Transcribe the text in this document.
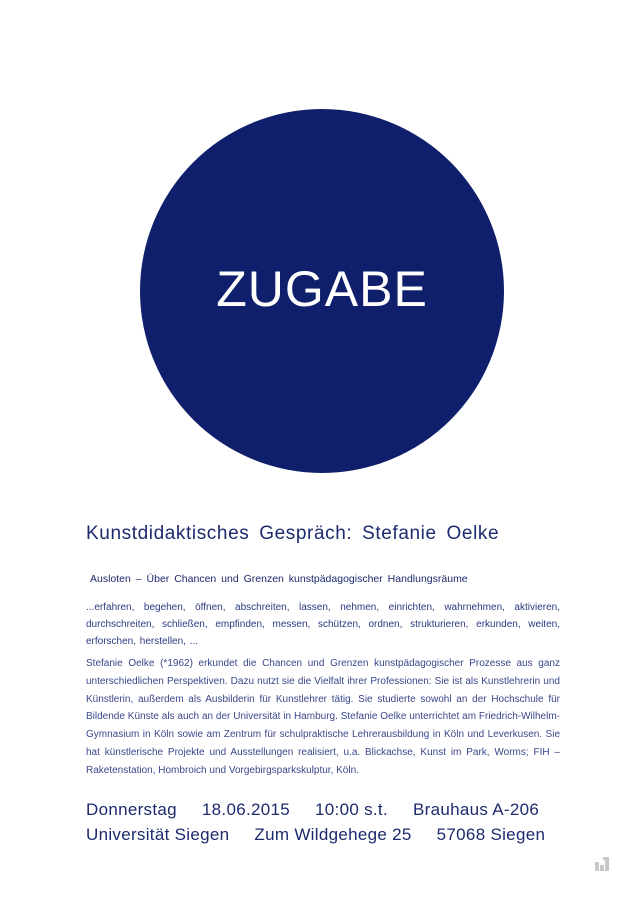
ZUGABE
Kunstdidaktisches Gespräch: Stefanie Oelke
Ausloten – Über Chancen und Grenzen kunstpädagogischer Handlungsräume
...erfahren, begehen, öffnen, abschreiten, lassen, nehmen, einrichten, wahrnehmen, aktivieren, durchschreiten, schließen, empfinden, messen, schützen, ordnen, strukturieren, erkunden, weiten, erforschen, herstellen, ...
Stefanie Oelke (*1962) erkundet die Chancen und Grenzen kunstpädagogischer Prozesse aus ganz unterschiedlichen Perspektiven. Dazu nutzt sie die Vielfalt ihrer Professionen: Sie ist als Kunstlehrerin und Künstlerin, außerdem als Ausbilderin für Kunstlehrer tätig. Sie studierte sowohl an der Hochschule für Bildende Künste als auch an der Universität in Hamburg. Stefanie Oelke unterrichtet am Friedrich-Wilhelm-Gymnasium in Köln sowie am Zentrum für schulpraktische Lehrerausbildung in Köln und Leverkusen. Sie hat künstlerische Projekte und Ausstellungen realisiert, u.a. Blickachse, Kunst im Park, Worms; FIH – Raketenstation, Hombroich und Vorgebirgsparkskulptur, Köln.
Donnerstag 18.06.2015 10:00 s.t. Brauhaus A-206
Universität Siegen Zum Wildgehege 25 57068 Siegen
